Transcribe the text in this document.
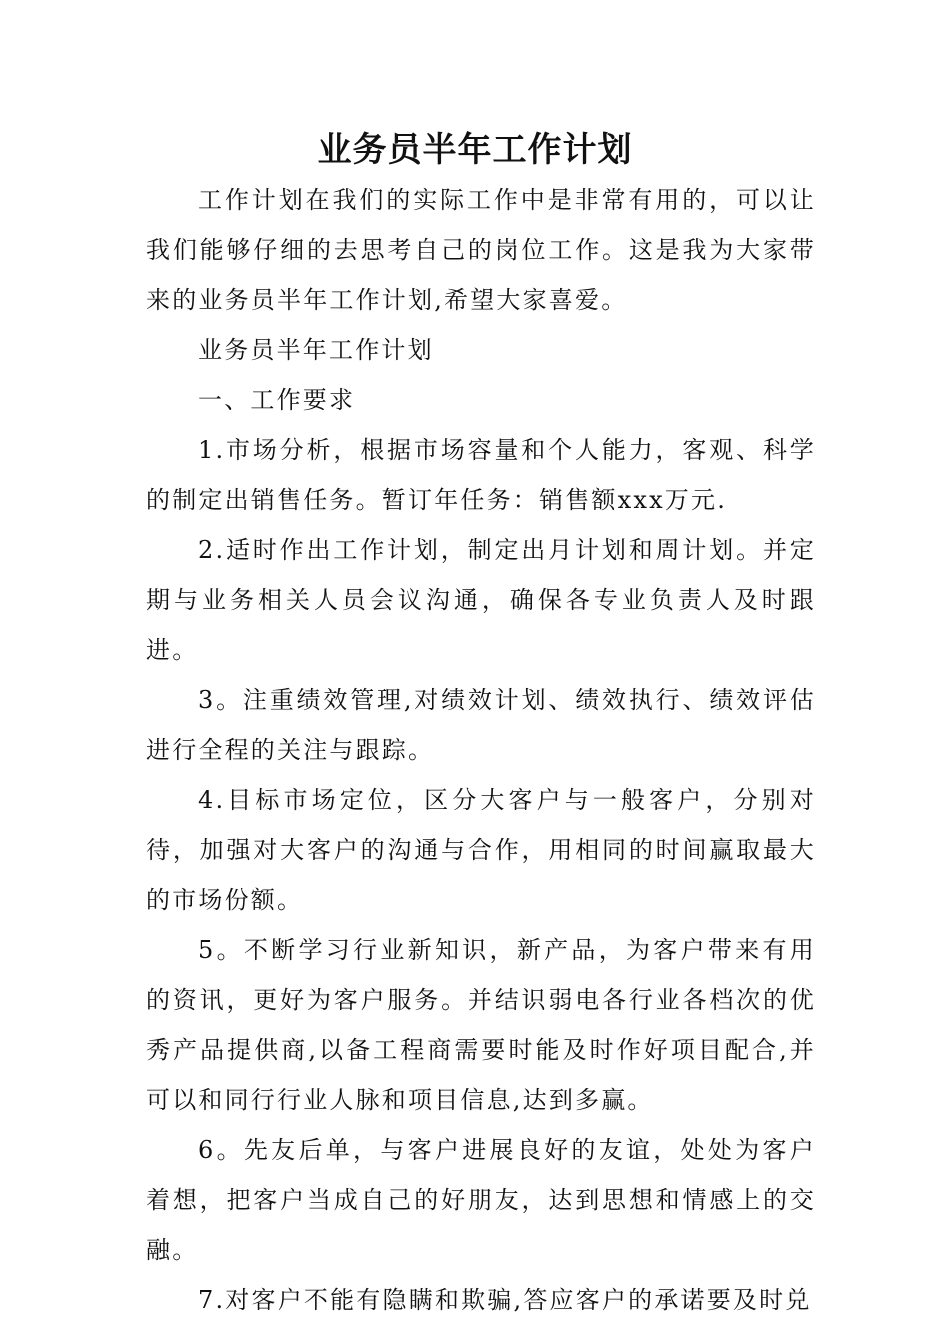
业务员半年工作计划

工作计划在我们的实际工作中是非常有用的，可以让我们能够仔细的去思考自己的岗位工作。这是我为大家带来的业务员半年工作计划,希望大家喜爱。

业务员半年工作计划

一、工作要求

1.市场分析，根据市场容量和个人能力，客观、科学的制定出销售任务。暂订年任务：销售额xxx万元.

2.适时作出工作计划，制定出月计划和周计划。并定期与业务相关人员会议沟通，确保各专业负责人及时跟进。

3。注重绩效管理,对绩效计划、绩效执行、绩效评估进行全程的关注与跟踪。

4.目标市场定位，区分大客户与一般客户，分别对待，加强对大客户的沟通与合作，用相同的时间赢取最大的市场份额。

5。不断学习行业新知识，新产品，为客户带来有用的资讯，更好为客户服务。并结识弱电各行业各档次的优秀产品提供商,以备工程商需要时能及时作好项目配合,并可以和同行行业人脉和项目信息,达到多赢。

6。先友后单，与客户进展良好的友谊，处处为客户着想，把客户当成自己的好朋友，达到思想和情感上的交融。

7.对客户不能有隐瞒和欺骗,答应客户的承诺要及时兑
